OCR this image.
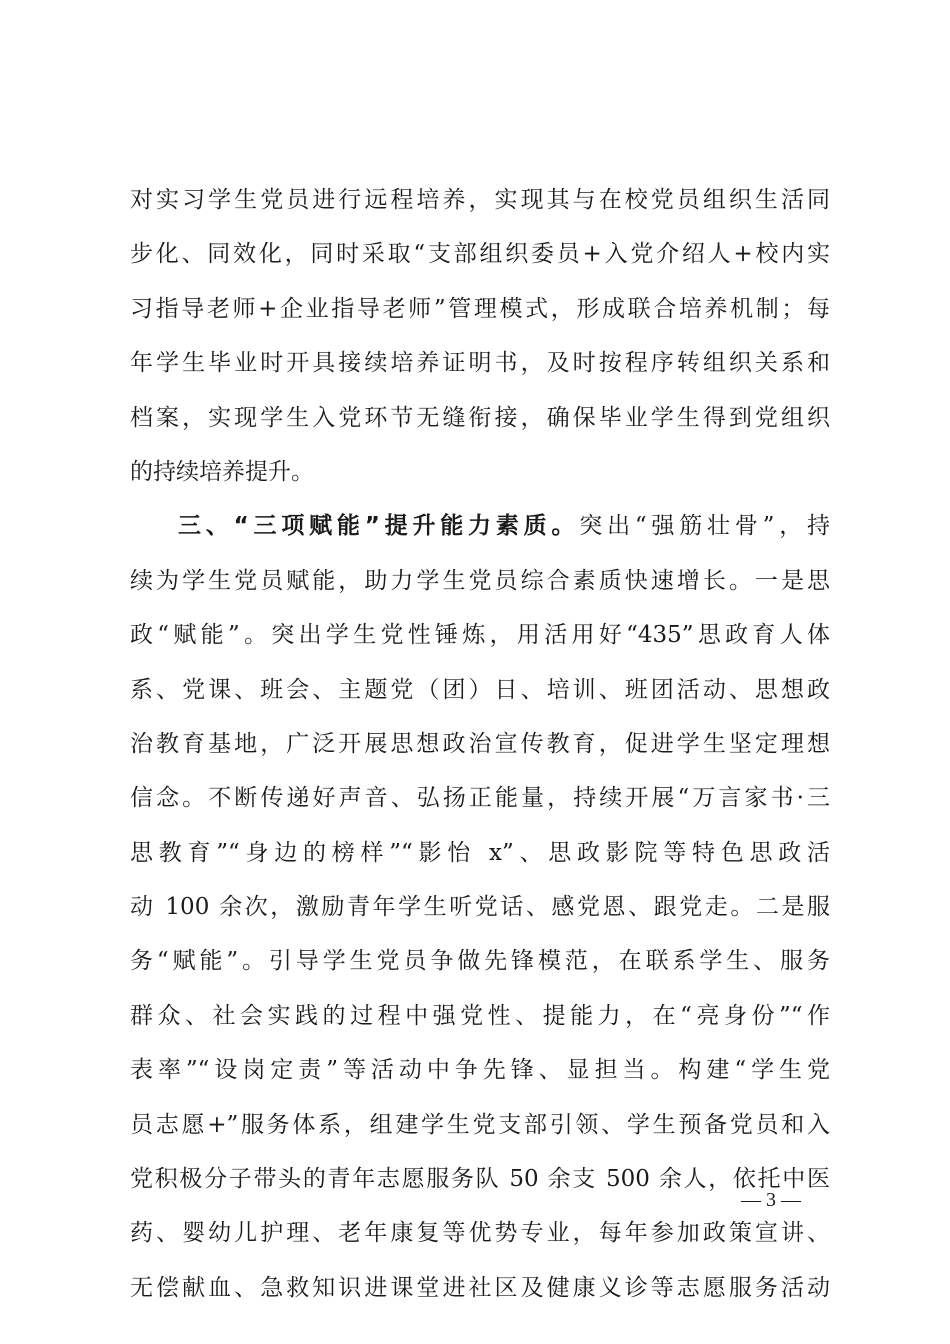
对实习学生党员进行远程培养，实现其与在校党员组织生活同
步化、同效化，同时采取“支部组织委员+入党介绍人+校内实
习指导老师+企业指导老师”管理模式，形成联合培养机制；每
年学生毕业时开具接续培养证明书，及时按程序转组织关系和
档案，实现学生入党环节无缝衔接，确保毕业学生得到党组织
的持续培养提升。
三、“三项赋能”提升能力素质。突出“强筋壮骨”，持
续为学生党员赋能，助力学生党员综合素质快速增长。一是思
政“赋能”。突出学生党性锤炼，用活用好“435”思政育人体
系、党课、班会、主题党（团）日、培训、班团活动、思想政
治教育基地，广泛开展思想政治宣传教育，促进学生坚定理想
信念。不断传递好声音、弘扬正能量，持续开展“万言家书·三
思教育”“身边的榜样”“影怡 x”、思政影院等特色思政活
动 100 余次，激励青年学生听党话、感党恩、跟党走。二是服
务“赋能”。引导学生党员争做先锋模范，在联系学生、服务
群众、社会实践的过程中强党性、提能力，在“亮身份”“作
表率”“设岗定责”等活动中争先锋、显担当。构建“学生党
员志愿+”服务体系，组建学生党支部引领、学生预备党员和入
党积极分子带头的青年志愿服务队 50 余支 500 余人，依托中医
药、婴幼儿护理、老年康复等优势专业，每年参加政策宣讲、
无偿献血、急救知识进课堂进社区及健康义诊等志愿服务活动
— 3 —
